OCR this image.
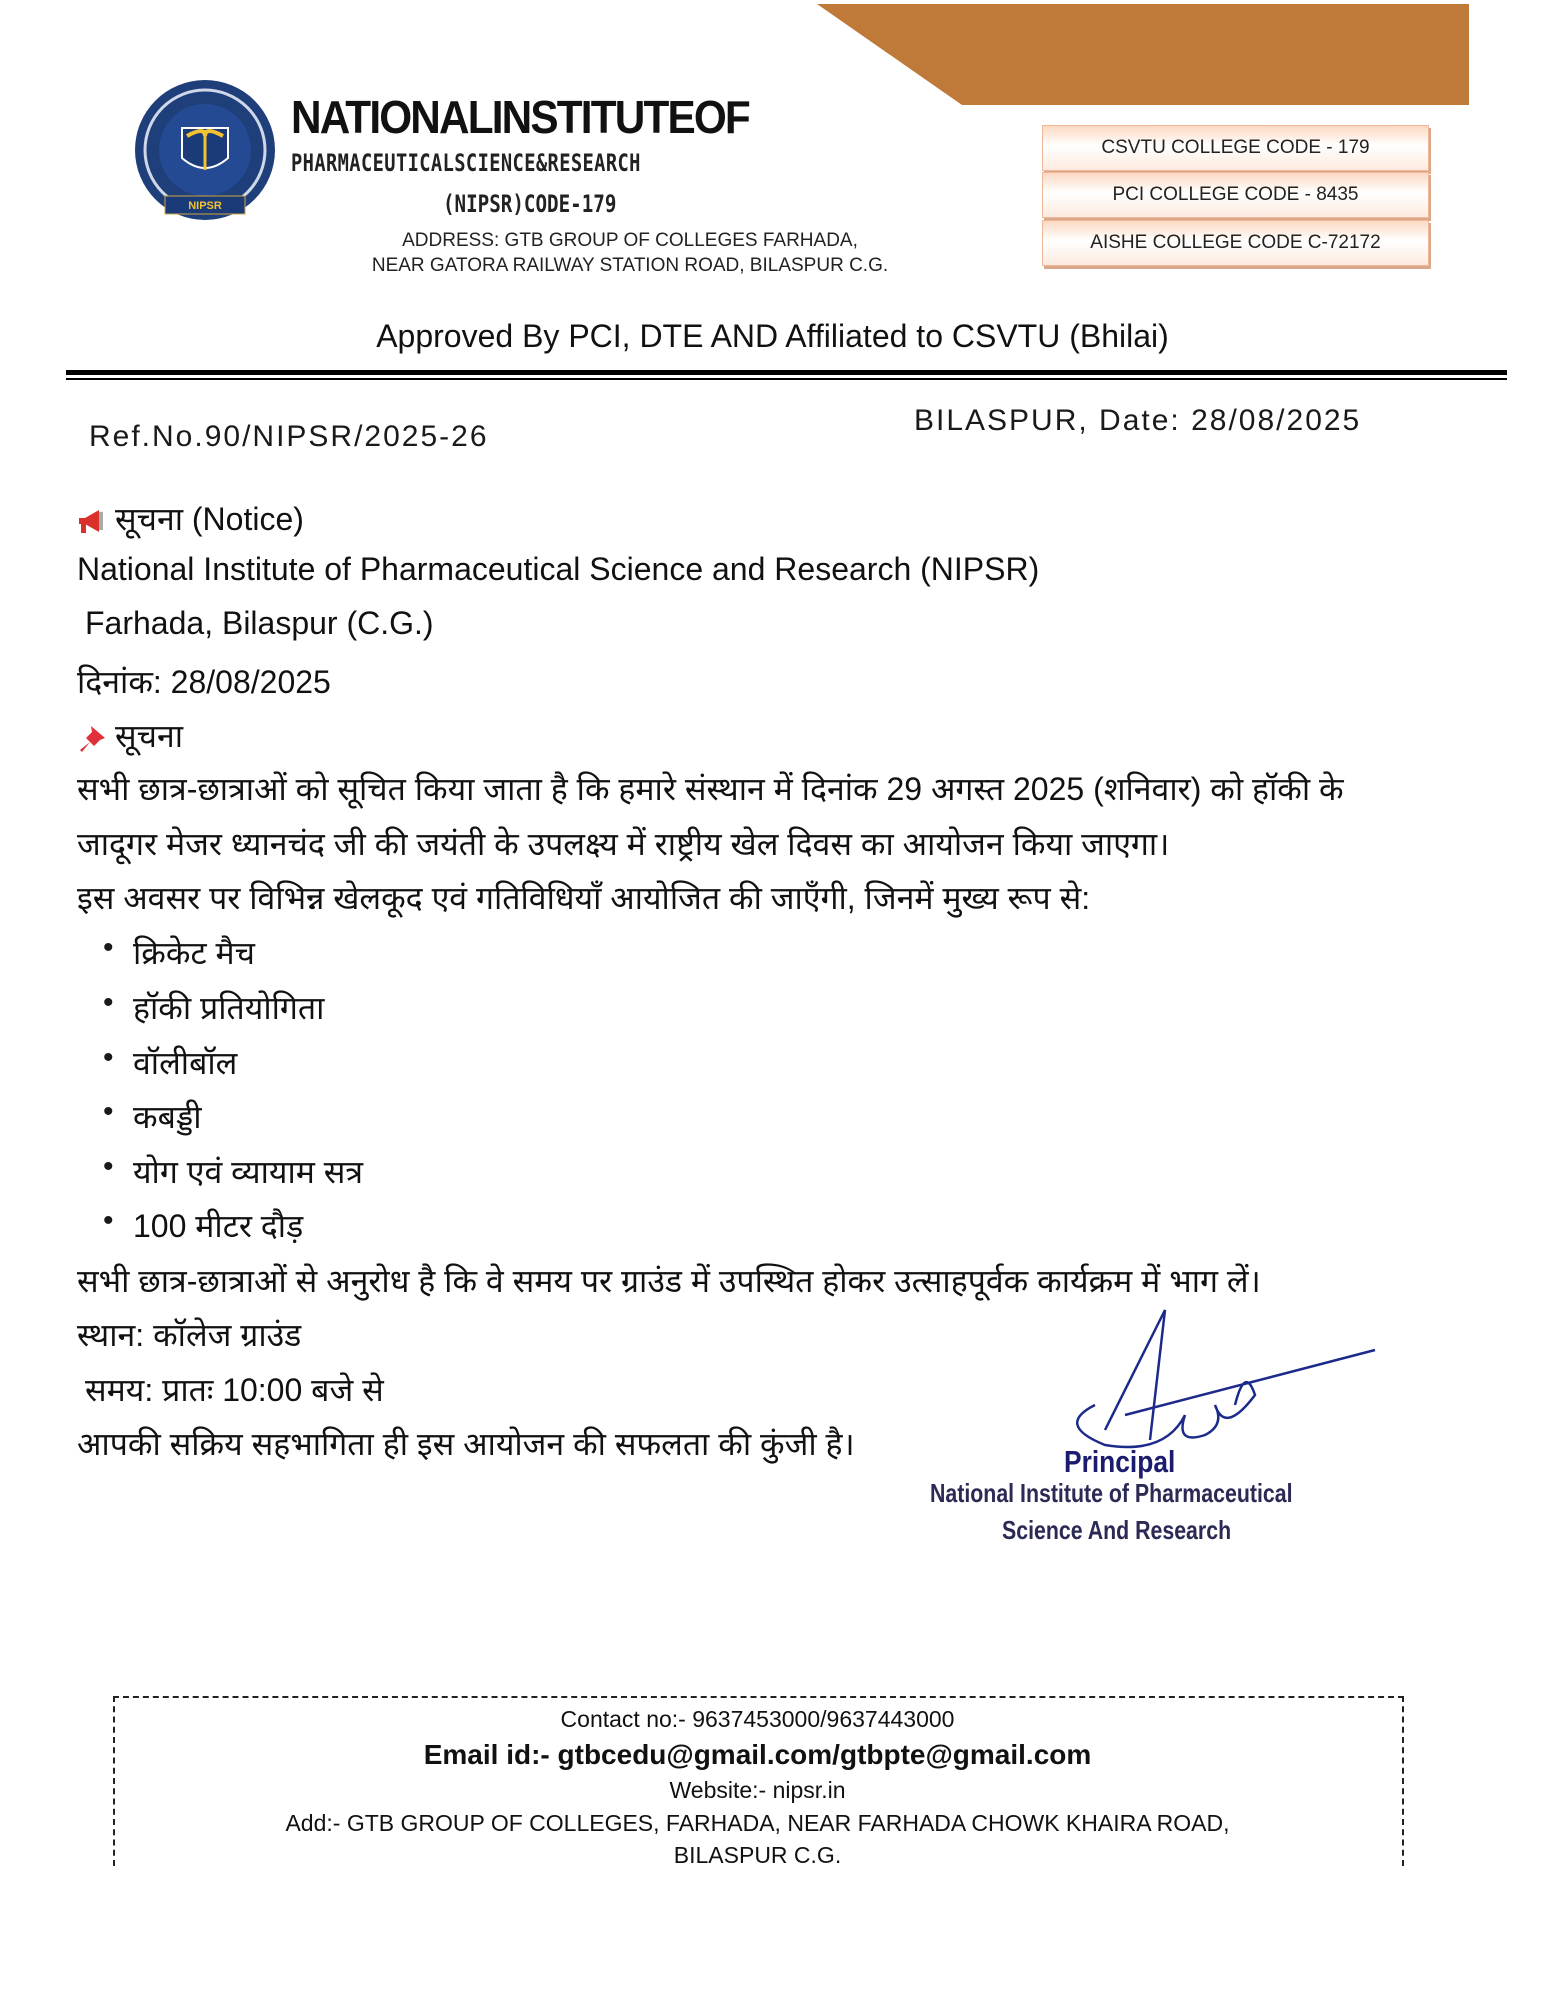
NIPSR
NATIONALINSTITUTEOF
PHARMACEUTICALSCIENCE&RESEARCH
(NIPSR)CODE-179
ADDRESS: GTB GROUP OF COLLEGES FARHADA,
NEAR GATORA RAILWAY STATION ROAD, BILASPUR C.G.
CSVTU COLLEGE CODE - 179
PCI COLLEGE CODE - 8435
AISHE COLLEGE CODE C-72172
Approved By PCI, DTE AND Affiliated to CSVTU (Bhilai)
Ref.No.90/NIPSR/2025-26	BILASPUR, Date: 28/08/2025
सूचना (Notice)
National Institute of Pharmaceutical Science and Research (NIPSR)
Farhada, Bilaspur (C.G.)
दिनांक: 28/08/2025
सूचना
सभी छात्र-छात्राओं को सूचित किया जाता है कि हमारे संस्थान में दिनांक 29 अगस्त 2025 (शनिवार) को हॉकी के
जादूगर मेजर ध्यानचंद जी की जयंती के उपलक्ष्य में राष्ट्रीय खेल दिवस का आयोजन किया जाएगा।
इस अवसर पर विभिन्न खेलकूद एवं गतिविधियाँ आयोजित की जाएँगी, जिनमें मुख्य रूप से:
• क्रिकेट मैच
• हॉकी प्रतियोगिता
• वॉलीबॉल
• कबड्डी
• योग एवं व्यायाम सत्र
• 100 मीटर दौड़
सभी छात्र-छात्राओं से अनुरोध है कि वे समय पर ग्राउंड में उपस्थित होकर उत्साहपूर्वक कार्यक्रम में भाग लें।
स्थान: कॉलेज ग्राउंड
समय: प्रातः 10:00 बजे से
आपकी सक्रिय सहभागिता ही इस आयोजन की सफलता की कुंजी है।	Principal
National Institute of Pharmaceutical
Science And Research
Contact no:- 9637453000/9637443000
Email id:- gtbcedu@gmail.com/gtbpte@gmail.com
Website:- nipsr.in
Add:- GTB GROUP OF COLLEGES, FARHADA, NEAR FARHADA CHOWK KHAIRA ROAD,
BILASPUR C.G.
